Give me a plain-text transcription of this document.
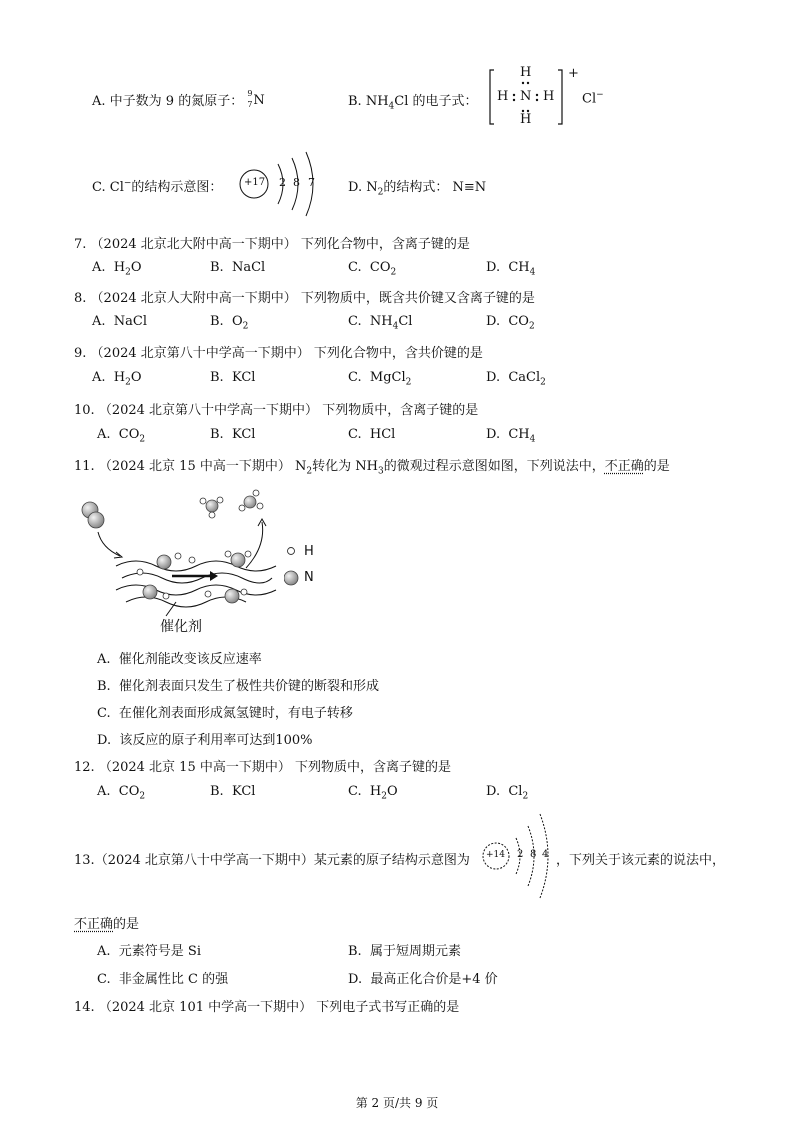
A. 中子数为 9 的氮原子：
9
7 N	B. $NH_4Cl$ 的电子式：
H
H N H
H
+
Cl−
C. Cl−的结构示意图： +17 2 8 7	D. $N_2$的结构式： N≡N
7. （2024 北京北大附中高一下期中） 下列化合物中，含离子键的是
A. $H_2O$	B. NaCl	C. $CO_2$	D. $CH_4$
8. （2024 北京人大附中高一下期中） 下列物质中，既含共价键又含离子键的是
A. NaCl	B. $O_2$	C. $NH_4Cl$	D. $CO_2$
9. （2024 北京第八十中学高一下期中） 下列化合物中，含共价键的是
A. $H_2O$	B. KCl	C. MgCl$_2$	D. CaCl$_2$
10. （2024 北京第八十中学高一下期中） 下列物质中，含离子键的是
A. $CO_2$	B. KCl	C. HCl	D. $CH_4$
11. （2024 北京 15 中高一下期中） $N_2$转化为 $NH_3$的微观过程示意图如图，下列说法中，不正确的是
催化剂
H
N
A. 催化剂能改变该反应速率
B. 催化剂表面只发生了极性共价键的断裂和形成
C. 在催化剂表面形成氮氢键时，有电子转移
D. 该反应的原子利用率可达到100%
12. （2024 北京 15 中高一下期中） 下列物质中，含离子键的是
A. $CO_2$	B. KCl	C. $H_2O$	D. $Cl_2$
13.（2024 北京第八十中学高一下期中）某元素的原子结构示意图为 +14 2 8 4 ，下列关于该元素的说法中，
不正确的是
A. 元素符号是 Si	B. 属于短周期元素
C. 非金属性比 C 的强	D. 最高正化合价是+4 价
14. （2024 北京 101 中学高一下期中） 下列电子式书写正确的是
第 2 页/共 9 页
